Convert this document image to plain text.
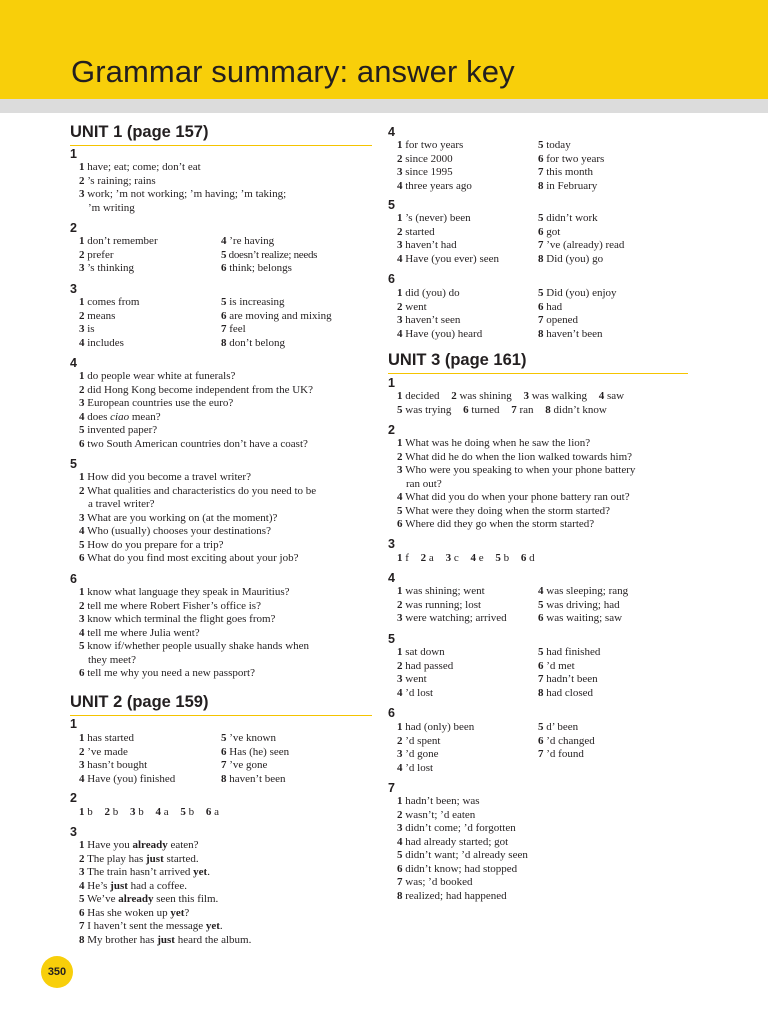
Grammar summary: answer key
UNIT 1 (page 157)
1
1 have; eat; come; don’t eat
2 ’s raining; rains
3 work; ’m not working; ’m having; ’m taking;
’m writing
2
1 don’t remember
2 prefer
3 ’s thinking
4 ’re having
5 doesn’t realize; needs
6 think; belongs
3
1 comes from
2 means
3 is
4 includes
5 is increasing
6 are moving and mixing
7 feel
8 don’t belong
4
1 do people wear white at funerals?
2 did Hong Kong become independent from the UK?
3 European countries use the euro?
4 does ciao mean?
5 invented paper?
6 two South American countries don’t have a coast?
5
1 How did you become a travel writer?
2 What qualities and characteristics do you need to be
a travel writer?
3 What are you working on (at the moment)?
4 Who (usually) chooses your destinations?
5 How do you prepare for a trip?
6 What do you find most exciting about your job?
6
1 know what language they speak in Mauritius?
2 tell me where Robert Fisher’s office is?
3 know which terminal the flight goes from?
4 tell me where Julia went?
5 know if/whether people usually shake hands when
they meet?
6 tell me why you need a new passport?
UNIT 2 (page 159)
1
1 has started
2 ’ve made
3 hasn’t bought
4 Have (you) finished
5 ’ve known
6 Has (he) seen
7 ’ve gone
8 haven’t been
2
1 b 2 b 3 b 4 a 5 b 6 a
3
1 Have you already eaten?
2 The play has just started.
3 The train hasn’t arrived yet.
4 He’s just had a coffee.
5 We’ve already seen this film.
6 Has she woken up yet?
7 I haven’t sent the message yet.
8 My brother has just heard the album.
4
1 for two years
2 since 2000
3 since 1995
4 three years ago
5 today
6 for two years
7 this month
8 in February
5
1 ’s (never) been
2 started
3 haven’t had
4 Have (you ever) seen
5 didn’t work
6 got
7 ’ve (already) read
8 Did (you) go
6
1 did (you) do
2 went
3 haven’t seen
4 Have (you) heard
5 Did (you) enjoy
6 had
7 opened
8 haven’t been
UNIT 3 (page 161)
1
1 decided 2 was shining 3 was walking 4 saw
5 was trying 6 turned 7 ran 8 didn’t know
2
1 What was he doing when he saw the lion?
2 What did he do when the lion walked towards him?
3 Who were you speaking to when your phone battery
ran out?
4 What did you do when your phone battery ran out?
5 What were they doing when the storm started?
6 Where did they go when the storm started?
3
1 f 2 a 3 c 4 e 5 b 6 d
4
1 was shining; went
2 was running; lost
3 were watching; arrived
4 was sleeping; rang
5 was driving; had
6 was waiting; saw
5
1 sat down
2 had passed
3 went
4 ’d lost
5 had finished
6 ’d met
7 hadn’t been
8 had closed
6
1 had (only) been
2 ’d spent
3 ’d gone
4 ’d lost
5 d’ been
6 ’d changed
7 ’d found
7
1 hadn’t been; was
2 wasn’t; ’d eaten
3 didn’t come; ’d forgotten
4 had already started; got
5 didn’t want; ’d already seen
6 didn’t know; had stopped
7 was; ’d booked
8 realized; had happened
350
